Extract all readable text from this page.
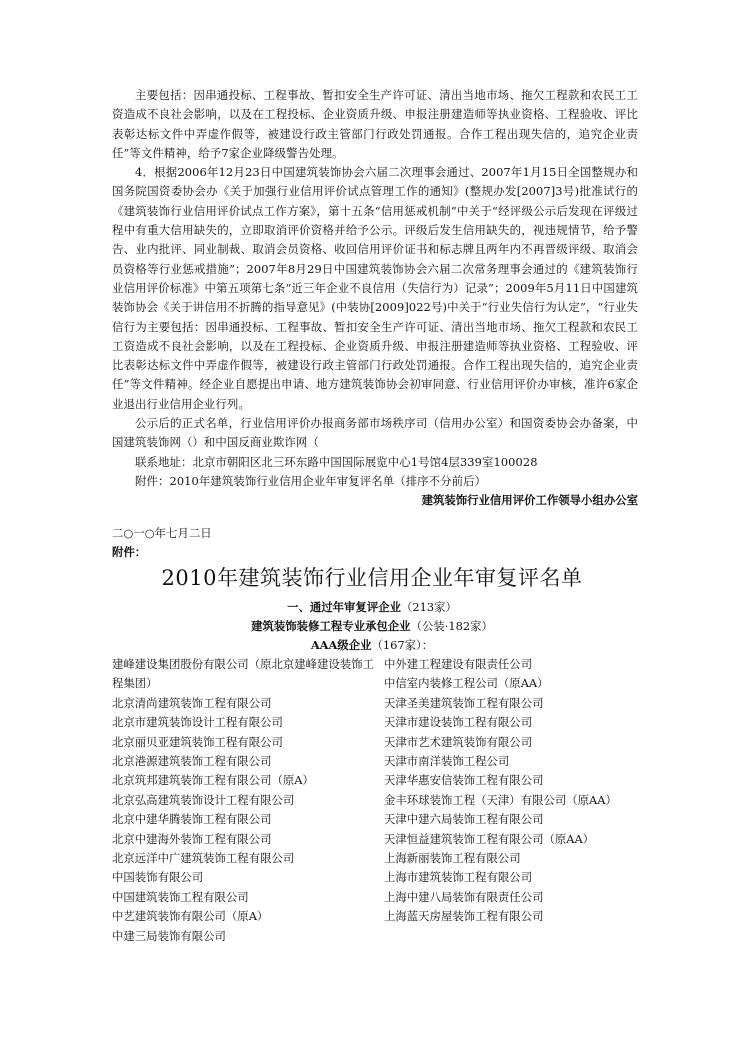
主要包括：因串通投标、工程事故、暂扣安全生产许可证、清出当地市场、拖欠工程款和农民工工资造成不良社会影响，以及在工程投标、企业资质升级、申报注册建造师等执业资格、工程验收、评比表彰达标文件中弄虚作假等，被建设行政主管部门行政处罚通报。合作工程出现失信的，追究企业责任”等文件精神，给予7家企业降级警告处理。

4．根据2006年12月23日中国建筑装饰协会六届二次理事会通过、2007年1月15日全国整规办和国务院国资委协会办《关于加强行业信用评价试点管理工作的通知》(整规办发[2007]3号)批准试行的《建筑装饰行业信用评价试点工作方案》，第十五条“信用惩戒机制”中关于“经评级公示后发现在评级过程中有重大信用缺失的，立即取消评价资格并给予公示。评级后发生信用缺失的，视违规情节，给予警告、业内批评、同业制裁、取消会员资格、收回信用评价证书和标志牌且两年内不再晋级评级、取消会员资格等行业惩戒措施”；2007年8月29日中国建筑装饰协会六届二次常务理事会通过的《建筑装饰行业信用评价标准》中第五项第七条“近三年企业不良信用（失信行为）记录”；2009年5月11日中国建筑装饰协会《关于讲信用不折腾的指导意见》(中装协[2009]022号)中关于“行业失信行为认定”，“行业失信行为主要包括：因串通投标、工程事故、暂扣安全生产许可证、清出当地市场、拖欠工程款和农民工工资造成不良社会影响，以及在工程投标、企业资质升级、申报注册建造师等执业资格、工程验收、评比表彰达标文件中弄虚作假等，被建设行政主管部门行政处罚通报。合作工程出现失信的，追究企业责任”等文件精神。经企业自愿提出申请、地方建筑装饰协会初审同意、行业信用评价办审核，准许6家企业退出行业信用企业行列。

公示后的正式名单，行业信用评价办报商务部市场秩序司（信用办公室）和国资委协会办备案，中国建筑装饰网（）和中国反商业欺诈网（

联系地址：北京市朝阳区北三环东路中国国际展览中心1号馆4层339室100028

附件：2010年建筑装饰行业信用企业年审复评名单（排序不分前后）

建筑装饰行业信用评价工作领导小组办公室
二○一○年七月二日
附件：
2010年建筑装饰行业信用企业年审复评名单
一、通过年审复评企业（213家）
建筑装饰装修工程专业承包企业（公装·182家）
AAA级企业（167家）：
建峰建设集团股份有限公司（原北京建峰建设装饰工程集团）
北京清尚建筑装饰工程有限公司
北京市建筑装饰设计工程有限公司
北京丽贝亚建筑装饰工程有限公司
北京港源建筑装饰工程有限公司
北京筑邦建筑装饰工程有限公司（原A）
北京弘高建筑装饰设计工程有限公司
北京中建华腾装饰工程有限公司
北京中建海外装饰工程有限公司
北京远洋中广建筑装饰工程有限公司
中国装饰有限公司
中国建筑装饰工程有限公司
中艺建筑装饰有限公司（原A）
中建三局装饰有限公司
中外建工程建设有限责任公司
中信室内装修工程公司（原AA）
天津圣美建筑装饰工程有限公司
天津市建设装饰工程有限公司
天津市艺术建筑装饰有限公司
天津市南洋装饰工程公司
天津华惠安信装饰工程有限公司
金丰环球装饰工程（天津）有限公司（原AA）
天津中建六局装饰工程有限公司
天津恒益建筑装饰工程有限公司（原AA）
上海新丽装饰工程有限公司
上海市建筑装饰工程有限公司
上海中建八局装饰有限责任公司
上海蓝天房屋装饰工程有限公司
